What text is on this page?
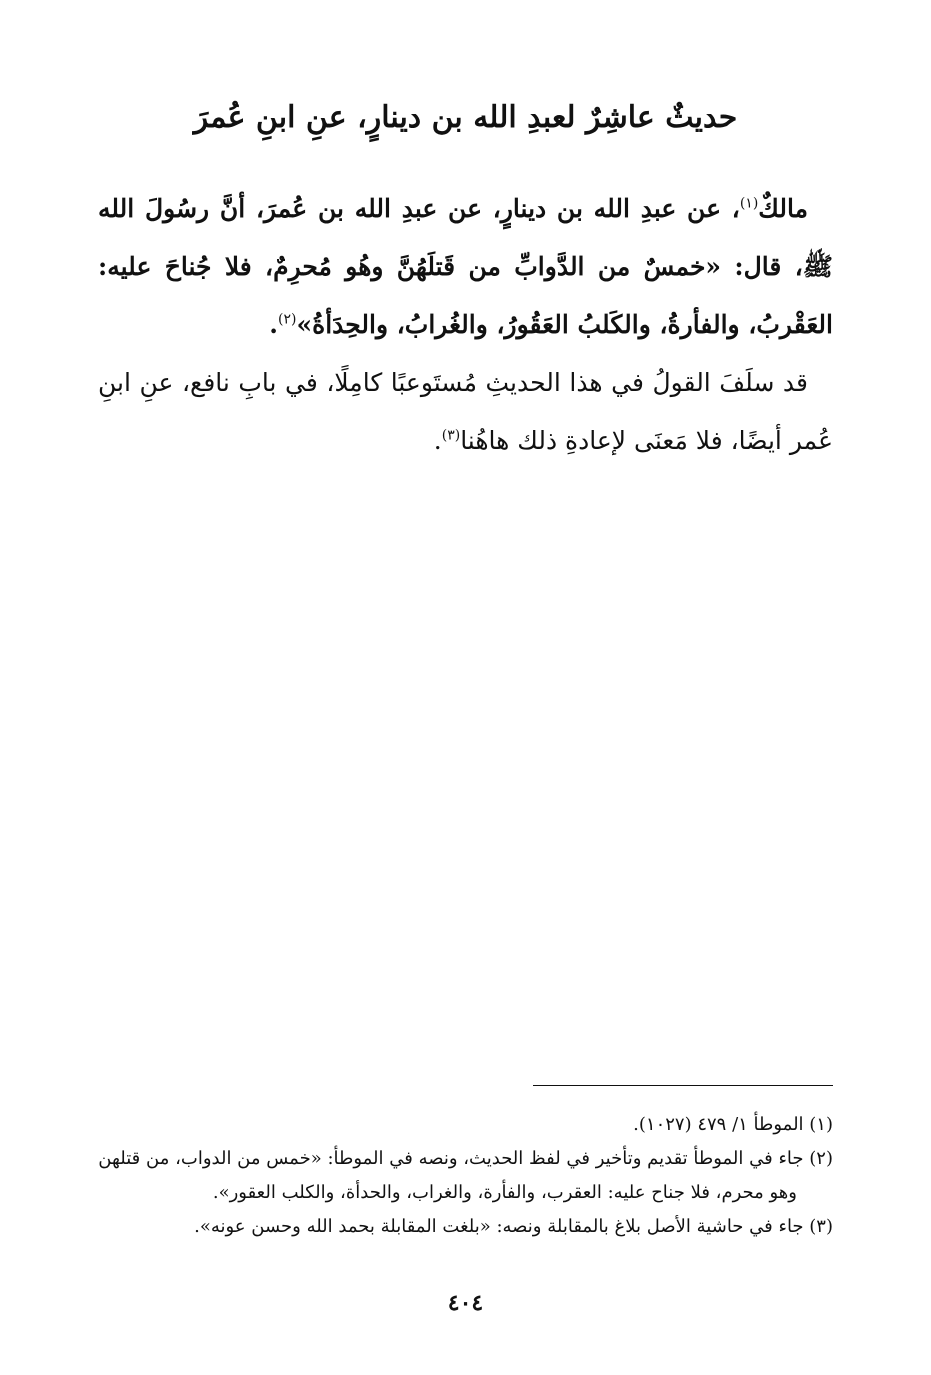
حديثٌ عاشِرٌ لعبدِ الله بن دينارٍ، عنِ ابنِ عُمرَ

مالكٌ$^{(١)}$، عن عبدِ الله بن دينارٍ، عن عبدِ الله بن عُمرَ، أنَّ رسُولَ الله ﷺ، قال: «خمسٌ من الدَّوابِّ من قَتلَهُنَّ وهُو مُحرِمٌ، فلا جُناحَ عليه: العَقْربُ، والفأرةُ، والكَلبُ العَقُورُ، والغُرابُ، والحِدَأةُ»$^{(٢)}$.

قد سلَفَ القولُ في هذا الحديثِ مُستَوعبًا كامِلًا، في بابِ نافع، عنِ ابنِ عُمر أيضًا، فلا مَعنَى لإعادةِ ذلك هاهُنا$^{(٣)}$.

(١) الموطأ ١/ ٤٧٩ (١٠٢٧).

(٢) جاء في الموطأ تقديم وتأخير في لفظ الحديث، ونصه في الموطأ: «خمس من الدواب، من قتلهن وهو محرم، فلا جناح عليه: العقرب، والفأرة، والغراب، والحدأة، والكلب العقور».

(٣) جاء في حاشية الأصل بلاغ بالمقابلة ونصه: «بلغت المقابلة بحمد الله وحسن عونه».

٤٠٤
